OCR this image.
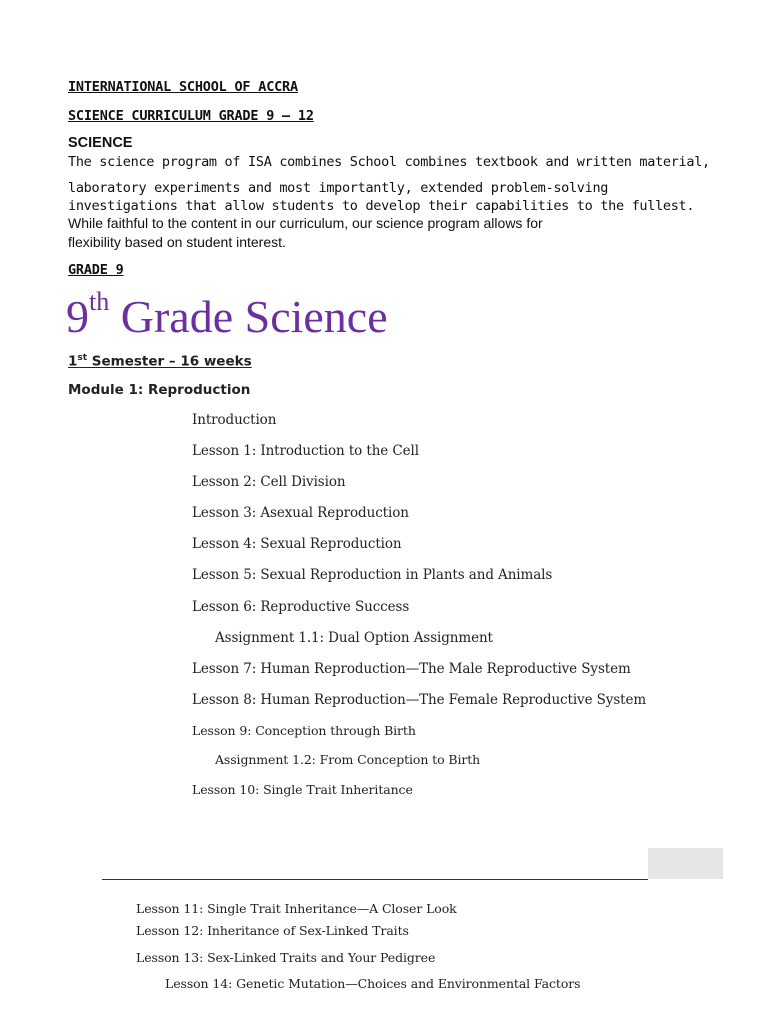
INTERNATIONAL SCHOOL OF ACCRA
SCIENCE CURRICULUM GRADE 9 – 12
SCIENCE
The science program of ISA combines School combines textbook and written material,
laboratory experiments and most importantly, extended problem-solving
investigations that allow students to develop their capabilities to the fullest.
While faithful to the content in our curriculum, our science program allows for
flexibility based on student interest.
GRADE 9
9th Grade Science
1st Semester – 16 weeks
Module 1: Reproduction
Introduction
Lesson 1: Introduction to the Cell
Lesson 2: Cell Division
Lesson 3: Asexual Reproduction
Lesson 4: Sexual Reproduction
Lesson 5: Sexual Reproduction in Plants and Animals
Lesson 6: Reproductive Success
Assignment 1.1: Dual Option Assignment
Lesson 7: Human Reproduction—The Male Reproductive System
Lesson 8: Human Reproduction—The Female Reproductive System
Lesson 9: Conception through Birth
Assignment 1.2: From Conception to Birth
Lesson 10: Single Trait Inheritance
Lesson 11: Single Trait Inheritance—A Closer Look
Lesson 12: Inheritance of Sex-Linked Traits
Lesson 13: Sex-Linked Traits and Your Pedigree
Lesson 14: Genetic Mutation—Choices and Environmental Factors
